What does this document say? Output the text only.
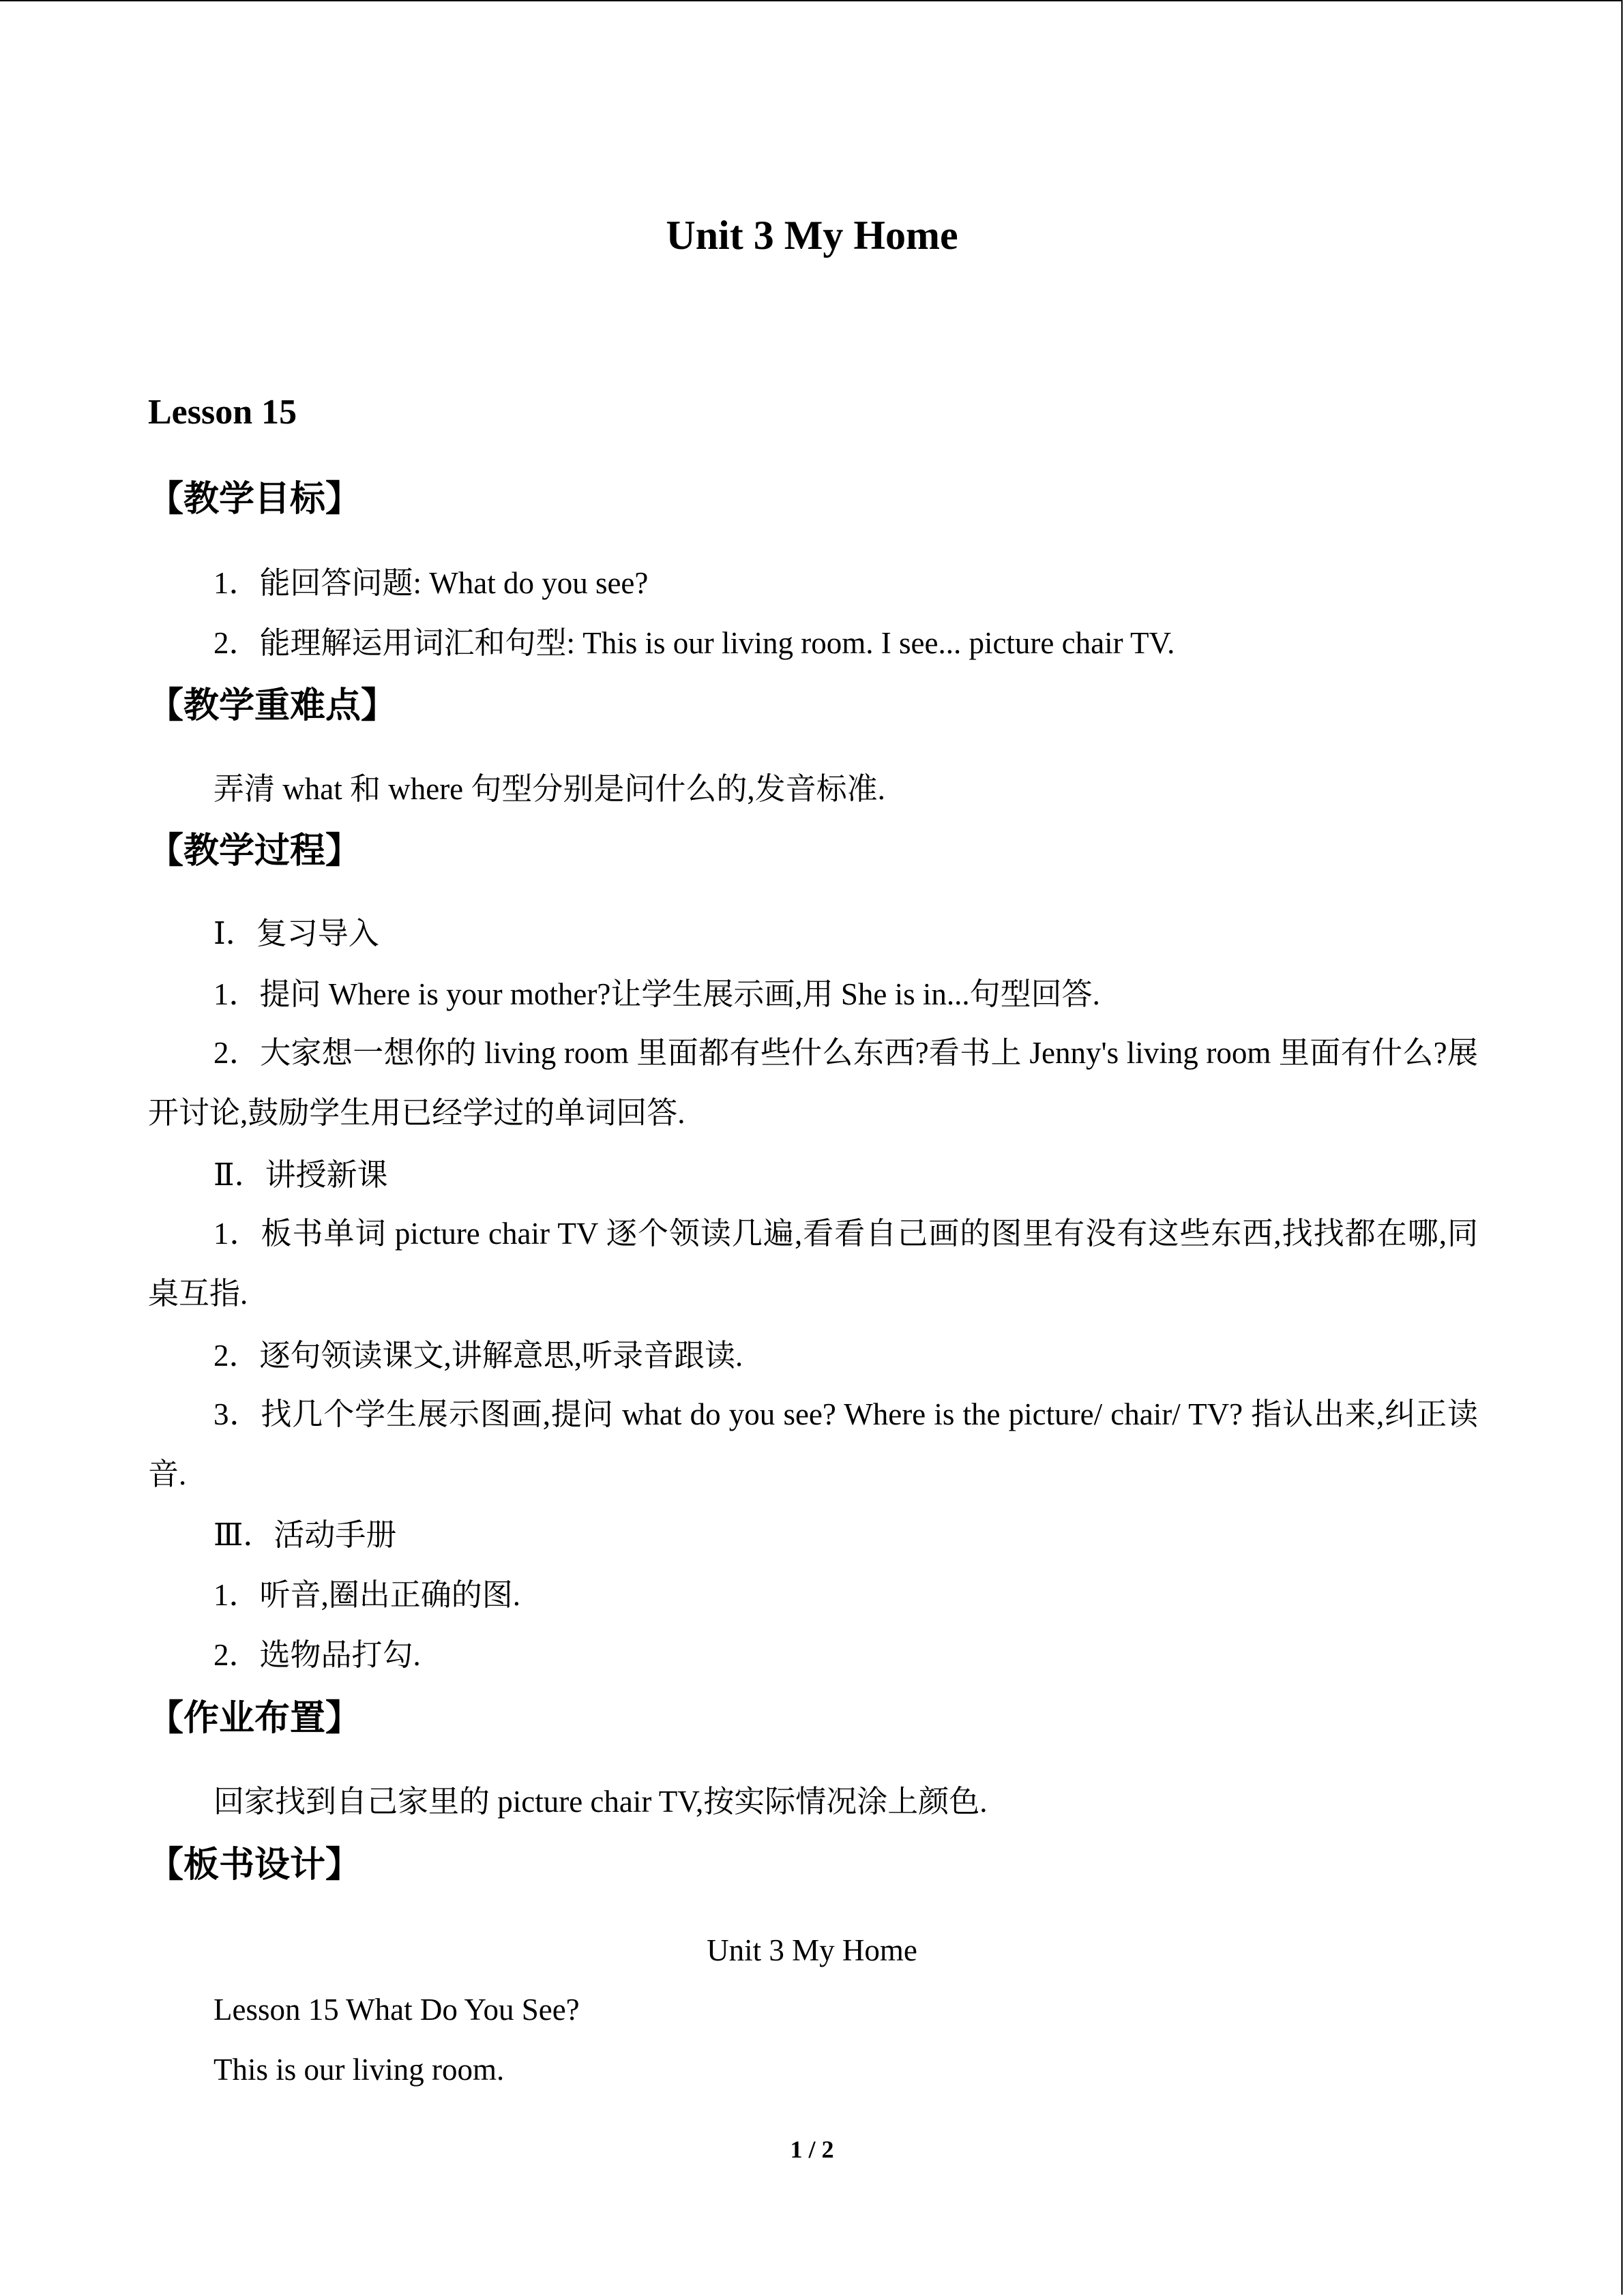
Unit 3 My Home
Lesson 15
【教学目标】
1．能回答问题: What do you see?
2．能理解运用词汇和句型: This is our living room. I see... picture chair TV.
【教学重难点】
弄清 what 和 where 句型分别是问什么的,发音标准.
【教学过程】
Ⅰ．复习导入
1．提问 Where is your mother?让学生展示画,用 She is in...句型回答.
2．大家想一想你的 living room 里面都有些什么东西?看书上 Jenny's living room 里面有什么?展开讨论,鼓励学生用已经学过的单词回答.
Ⅱ．讲授新课
1．板书单词 picture chair TV 逐个领读几遍,看看自己画的图里有没有这些东西,找找都在哪,同桌互指.
2．逐句领读课文,讲解意思,听录音跟读.
3．找几个学生展示图画,提问 what do you see? Where is the picture/ chair/ TV? 指认出来,纠正读音.
Ⅲ．活动手册
1．听音,圈出正确的图.
2．选物品打勾.
【作业布置】
回家找到自己家里的 picture chair TV,按实际情况涂上颜色.
【板书设计】
Unit 3 My Home
Lesson 15 What Do You See?
This is our living room.
1 / 2
